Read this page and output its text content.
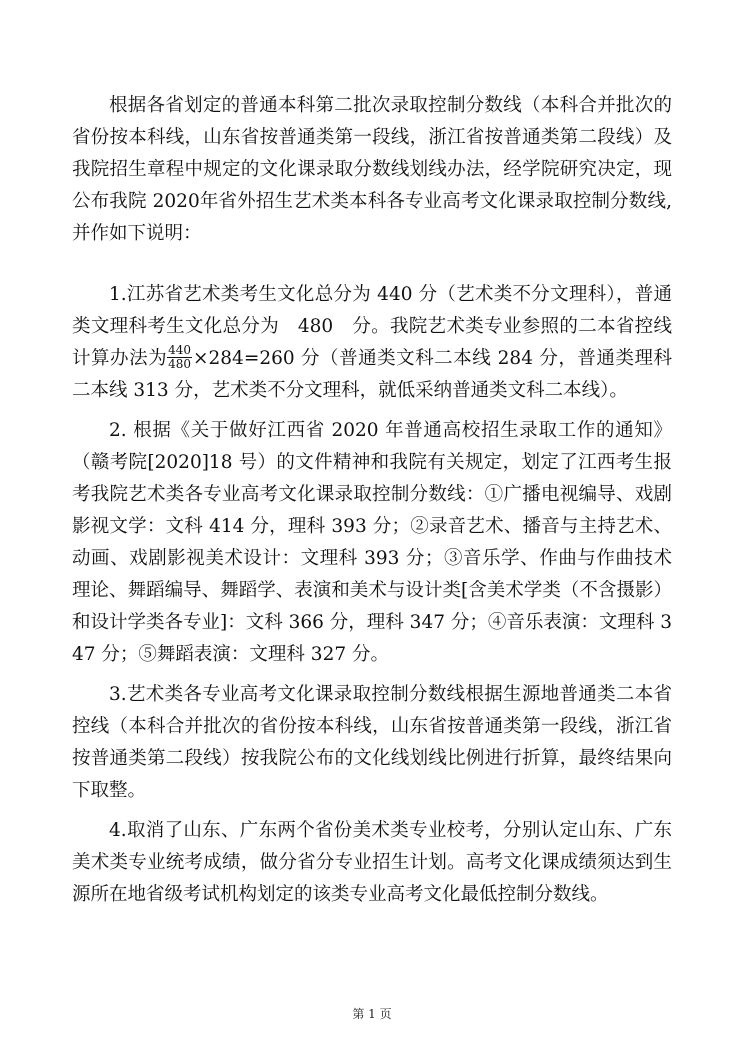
根据各省划定的普通本科第二批次录取控制分数线（本科合并批次的省份按本科线，山东省按普通类第一段线，浙江省按普通类第二段线）及我院招生章程中规定的文化课录取分数线划线办法，经学院研究决定，现公布我院 2020年省外招生艺术类本科各专业高考文化课录取控制分数线,并作如下说明：

1.江苏省艺术类考生文化总分为 440 分（艺术类不分文理科），普通类文理科考生文化总分为　480　分。我院艺术类专业参照的二本省控线计算办法为 $\frac{440}{480} \times 284=260$ 分（普通类文科二本线 284 分，普通类理科二本线 313 分，艺术类不分文理科，就低采纳普通类文科二本线）。

2. 根据《关于做好江西省 2020 年普通高校招生录取工作的通知》（赣考院[2020]18 号）的文件精神和我院有关规定，划定了江西考生报考我院艺术类各专业高考文化课录取控制分数线：①广播电视编导、戏剧影视文学：文科 414 分，理科 393 分；②录音艺术、播音与主持艺术、动画、戏剧影视美术设计：文理科 393 分；③音乐学、作曲与作曲技术理论、舞蹈编导、舞蹈学、表演和美术与设计类[含美术学类（不含摄影）和设计学类各专业]：文科 366 分，理科 347 分；④音乐表演：文理科 347 分；⑤舞蹈表演：文理科 327 分。

3.艺术类各专业高考文化课录取控制分数线根据生源地普通类二本省控线（本科合并批次的省份按本科线，山东省按普通类第一段线，浙江省按普通类第二段线）按我院公布的文化线划线比例进行折算，最终结果向下取整。

4.取消了山东、广东两个省份美术类专业校考，分别认定山东、广东美术类专业统考成绩，做分省分专业招生计划。高考文化课成绩须达到生源所在地省级考试机构划定的该类专业高考文化最低控制分数线。

第 1 页
